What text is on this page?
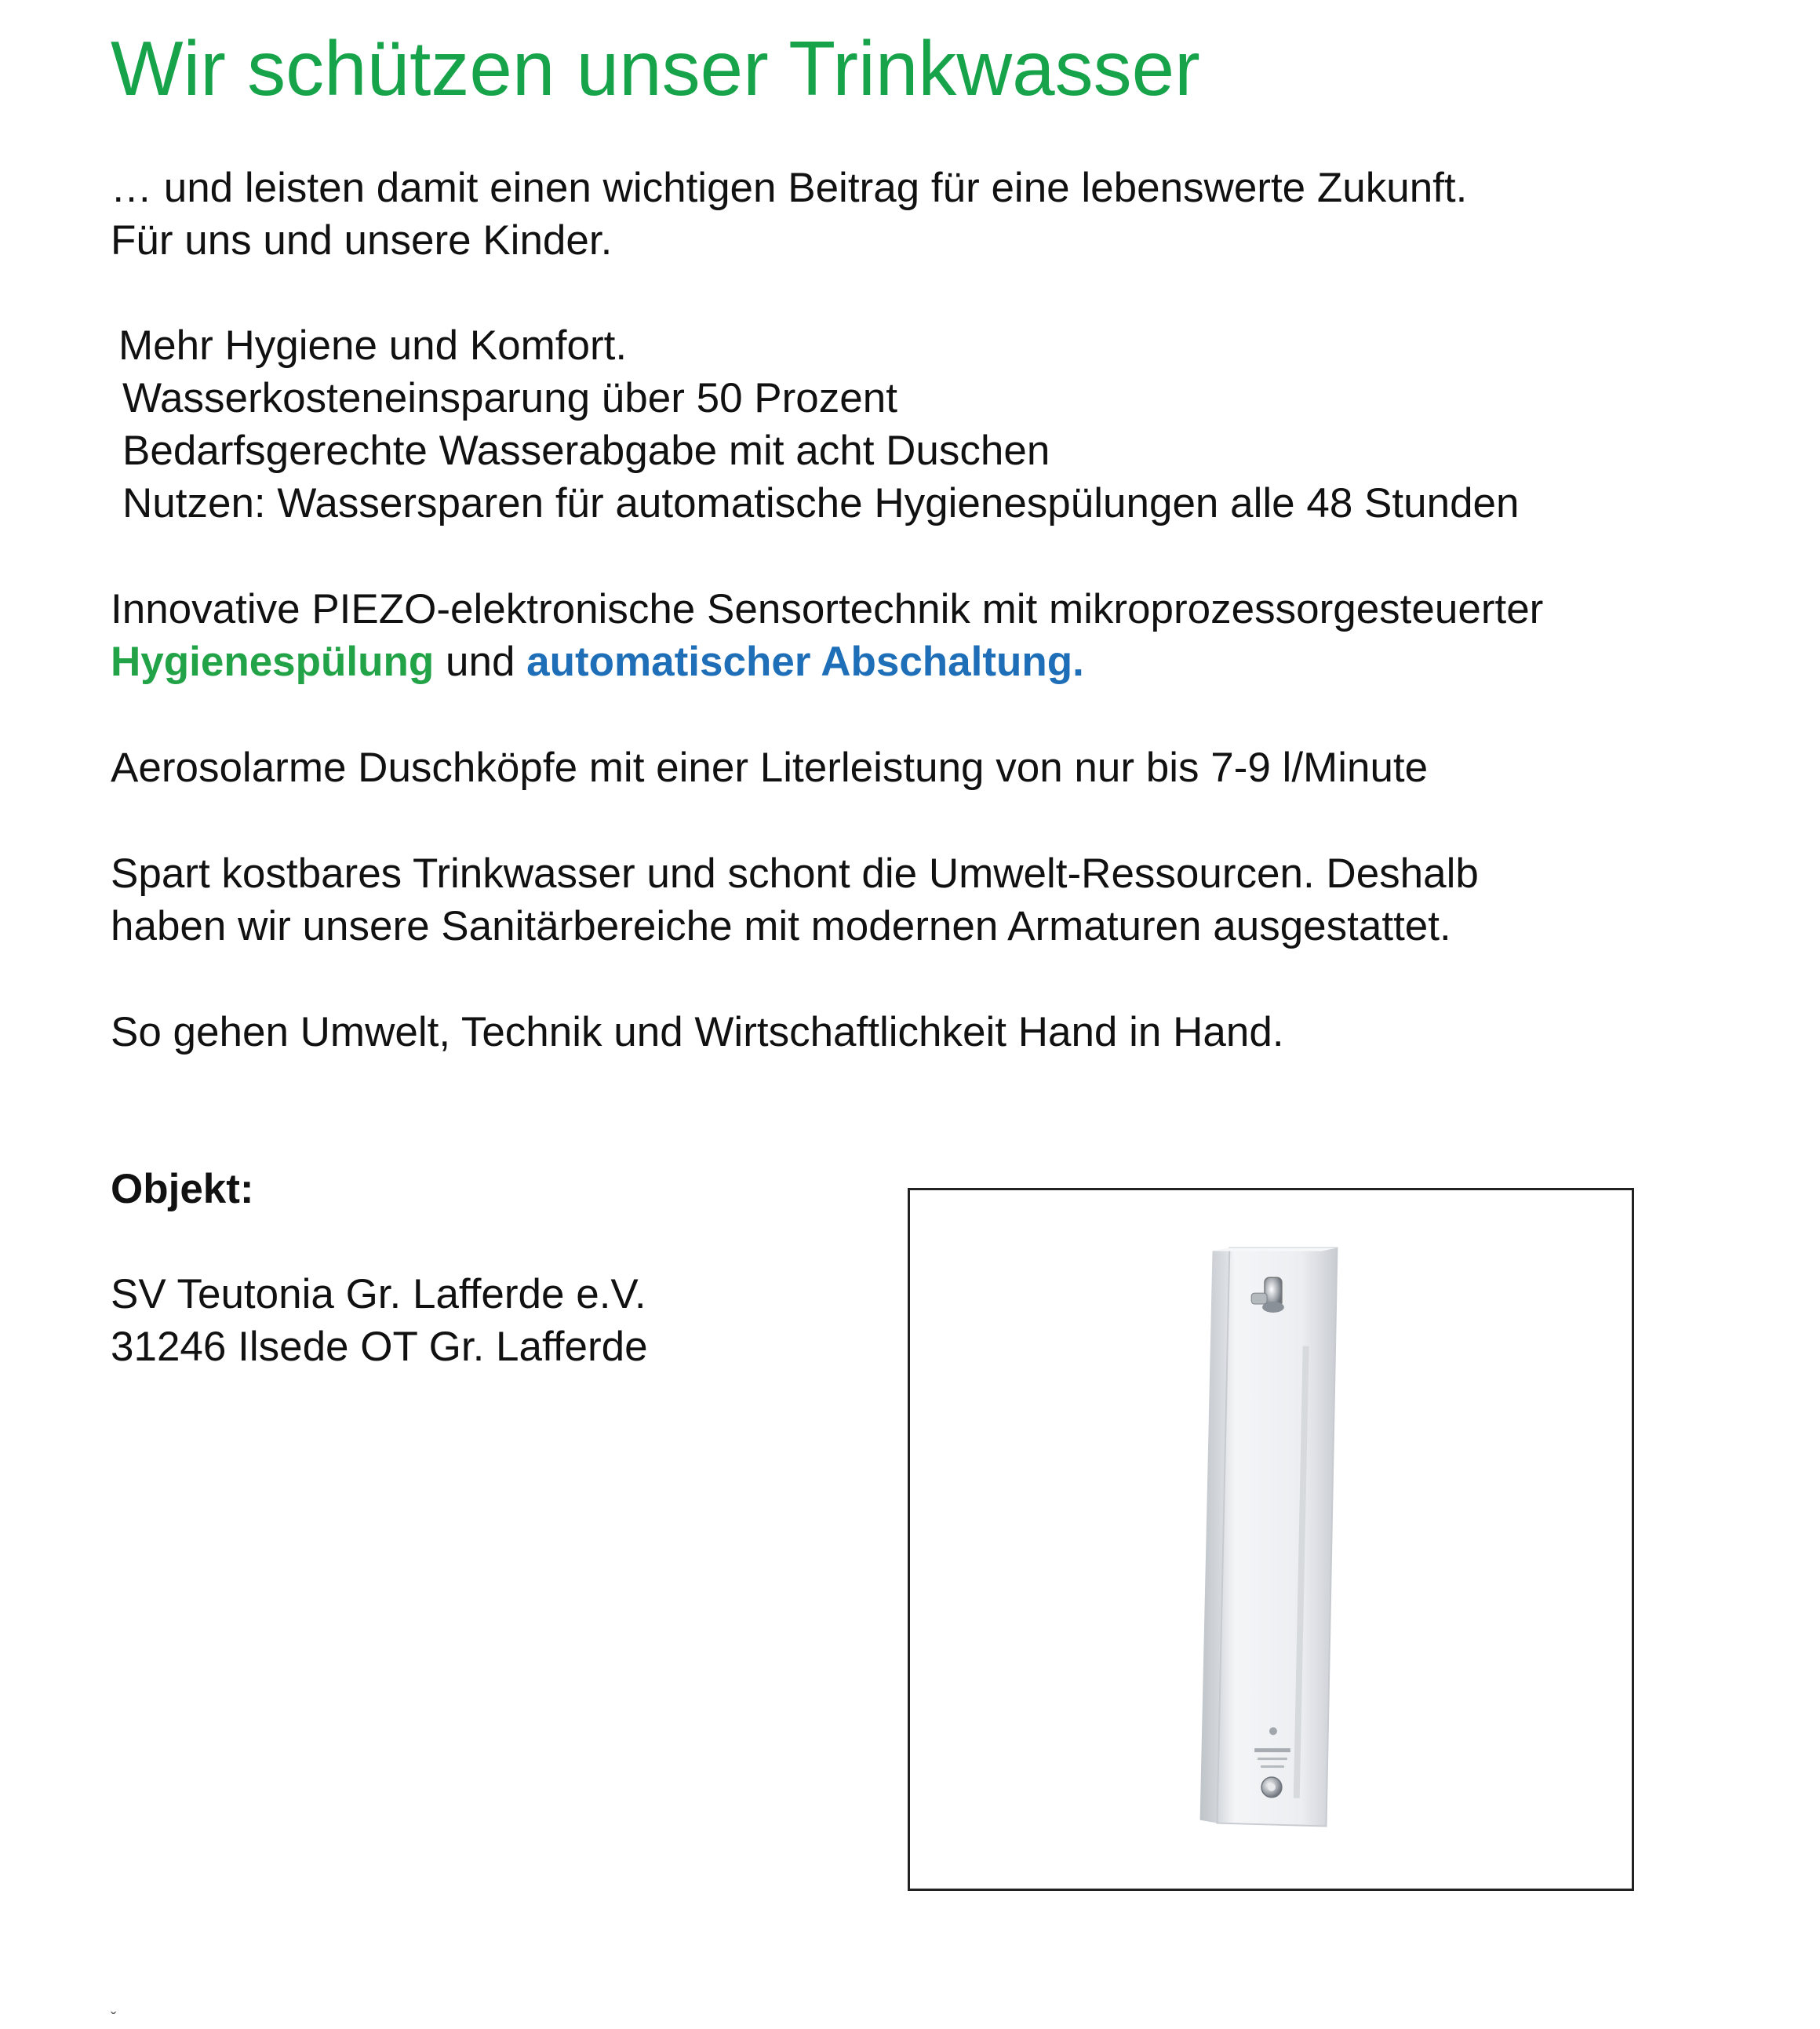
Wir schützen unser Trinkwasser

… und leisten damit einen wichtigen Beitrag für eine lebenswerte Zukunft.

Für uns und unsere Kinder.

Mehr Hygiene und Komfort.

Wasserkosteneinsparung über 50 Prozent

Bedarfsgerechte Wasserabgabe mit acht Duschen

Nutzen: Wassersparen für automatische Hygienespülungen alle 48 Stunden

Innovative PIEZO-elektronische Sensortechnik mit mikroprozessorgesteuerter

Hygienespülung und automatischer Abschaltung.

Aerosolarme Duschköpfe mit einer Literleistung von nur bis 7-9 l/Minute

Spart kostbares Trinkwasser und schont die Umwelt-Ressourcen. Deshalb

haben wir unsere Sanitärbereiche mit modernen Armaturen ausgestattet.

So gehen Umwelt, Technik und Wirtschaftlichkeit Hand in Hand.

Objekt:

SV Teutonia Gr. Lafferde e.V.

31246 Ilsede OT Gr. Lafferde

ˇ
